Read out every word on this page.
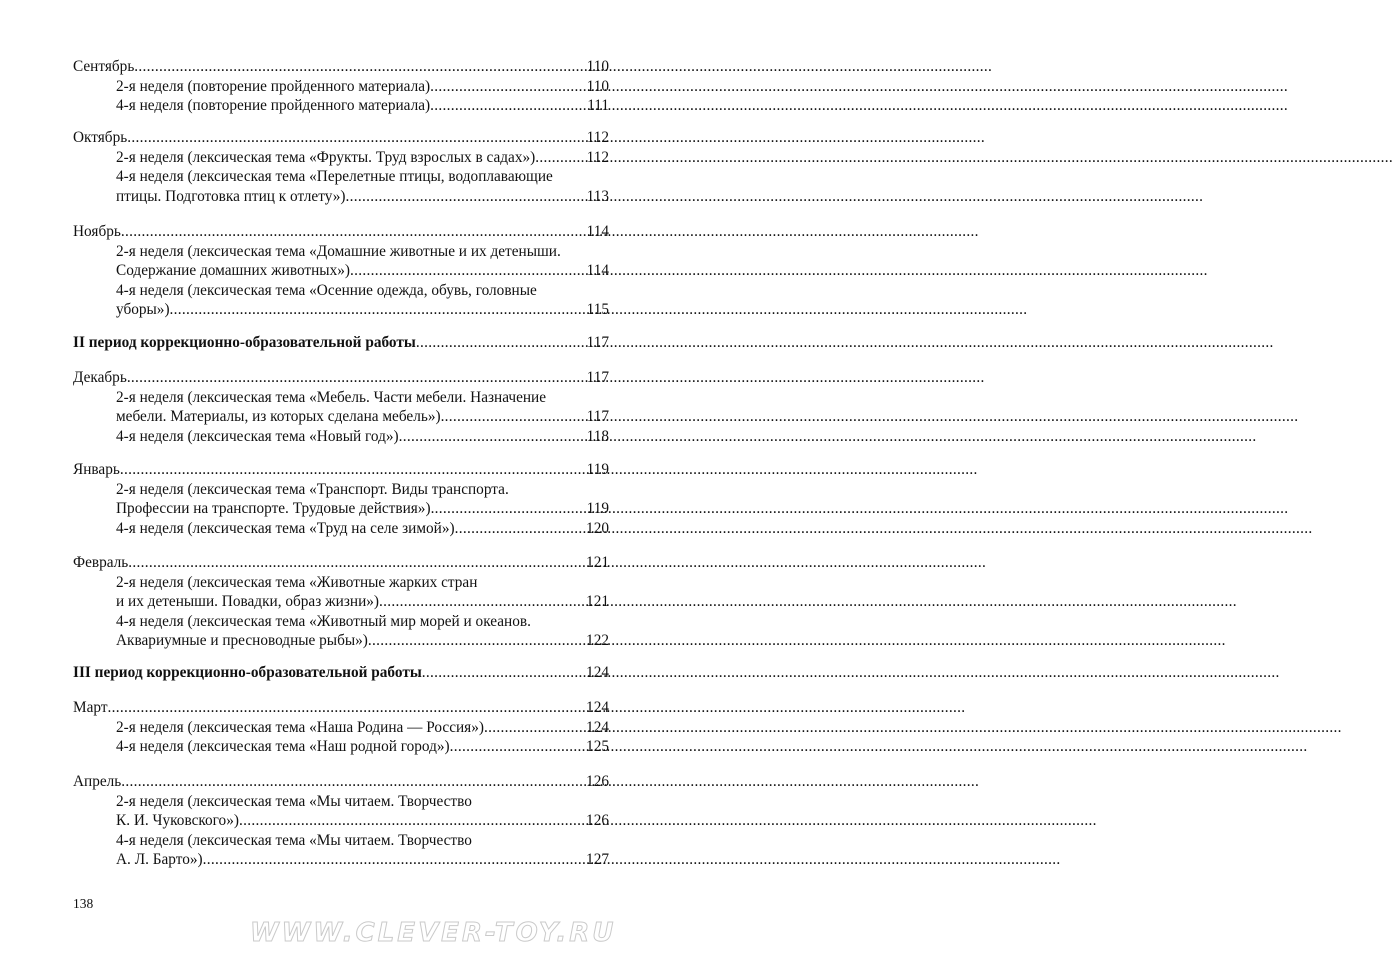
Сентябрь .....	110
2-я неделя (повторение пройденного материала) .....	110
4-я неделя (повторение пройденного материала) .....	111
Октябрь .....	112
2-я неделя (лексическая тема «Фрукты. Труд взрослых в садах») .....	112
4-я неделя (лексическая тема «Перелетные птицы, водоплавающие
птицы. Подготовка птиц к отлету») .....	113
Ноябрь .....	114
2-я неделя (лексическая тема «Домашние животные и их детеныши.
Содержание домашних животных») .....	114
4-я неделя (лексическая тема «Осенние одежда, обувь, головные
уборы») .....	115
II период коррекционно-образовательной работы .....	117
Декабрь .....	117
2-я неделя (лексическая тема «Мебель. Части мебели. Назначение
мебели. Материалы, из которых сделана мебель») .....	117
4-я неделя (лексическая тема «Новый год») .....	118
Январь .....	119
2-я неделя (лексическая тема «Транспорт. Виды транспорта.
Профессии на транспорте. Трудовые действия») .....	119
4-я неделя (лексическая тема «Труд на селе зимой») .....	120
Февраль .....	121
2-я неделя (лексическая тема «Животные жарких стран
и их детеныши. Повадки, образ жизни») .....	121
4-я неделя (лексическая тема «Животный мир морей и океанов.
Аквариумные и пресноводные рыбы») .....	122
III период коррекционно-образовательной работы .....	124
Март .....	124
2-я неделя (лексическая тема «Наша Родина — Россия») .....	124
4-я неделя (лексическая тема «Наш родной город») .....	125
Апрель .....	126
2-я неделя (лексическая тема «Мы читаем. Творчество
К. И. Чуковского») .....	126
4-я неделя (лексическая тема «Мы читаем. Творчество
А. Л. Барто») .....	127
138
WWW.CLEVER-TOY.RU
